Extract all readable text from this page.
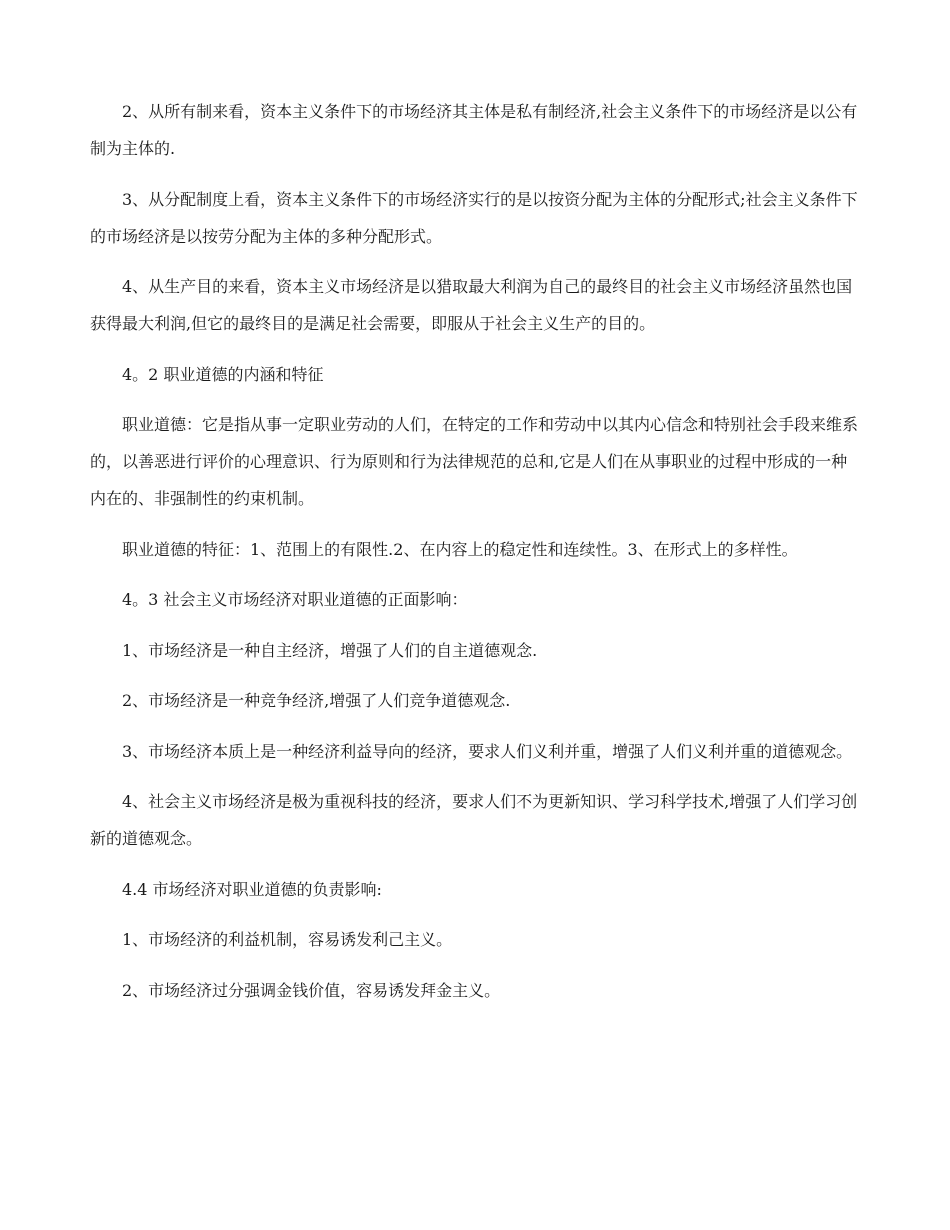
2、从所有制来看，资本主义条件下的市场经济其主体是私有制经济,社会主义条件下的市场经济是以公有制为主体的.

3、从分配制度上看，资本主义条件下的市场经济实行的是以按资分配为主体的分配形式;社会主义条件下的市场经济是以按劳分配为主体的多种分配形式。

4、从生产目的来看，资本主义市场经济是以猎取最大利润为自己的最终目的社会主义市场经济虽然也国获得最大利润,但它的最终目的是满足社会需要，即服从于社会主义生产的目的。

4。2 职业道德的内涵和特征

职业道德：它是指从事一定职业劳动的人们，在特定的工作和劳动中以其内心信念和特别社会手段来维系的，以善恶进行评价的心理意识、行为原则和行为法律规范的总和,它是人们在从事职业的过程中形成的一种内在的、非强制性的约束机制。

职业道德的特征：1、范围上的有限性.2、在内容上的稳定性和连续性。3、在形式上的多样性。

4。3 社会主义市场经济对职业道德的正面影响：

1、市场经济是一种自主经济，增强了人们的自主道德观念.

2、市场经济是一种竞争经济,增强了人们竞争道德观念.

3、市场经济本质上是一种经济利益导向的经济，要求人们义利并重，增强了人们义利并重的道德观念。

4、社会主义市场经济是极为重视科技的经济，要求人们不为更新知识、学习科学技术,增强了人们学习创新的道德观念。

4.4 市场经济对职业道德的负责影响:

1、市场经济的利益机制，容易诱发利己主义。

2、市场经济过分强调金钱价值，容易诱发拜金主义。
